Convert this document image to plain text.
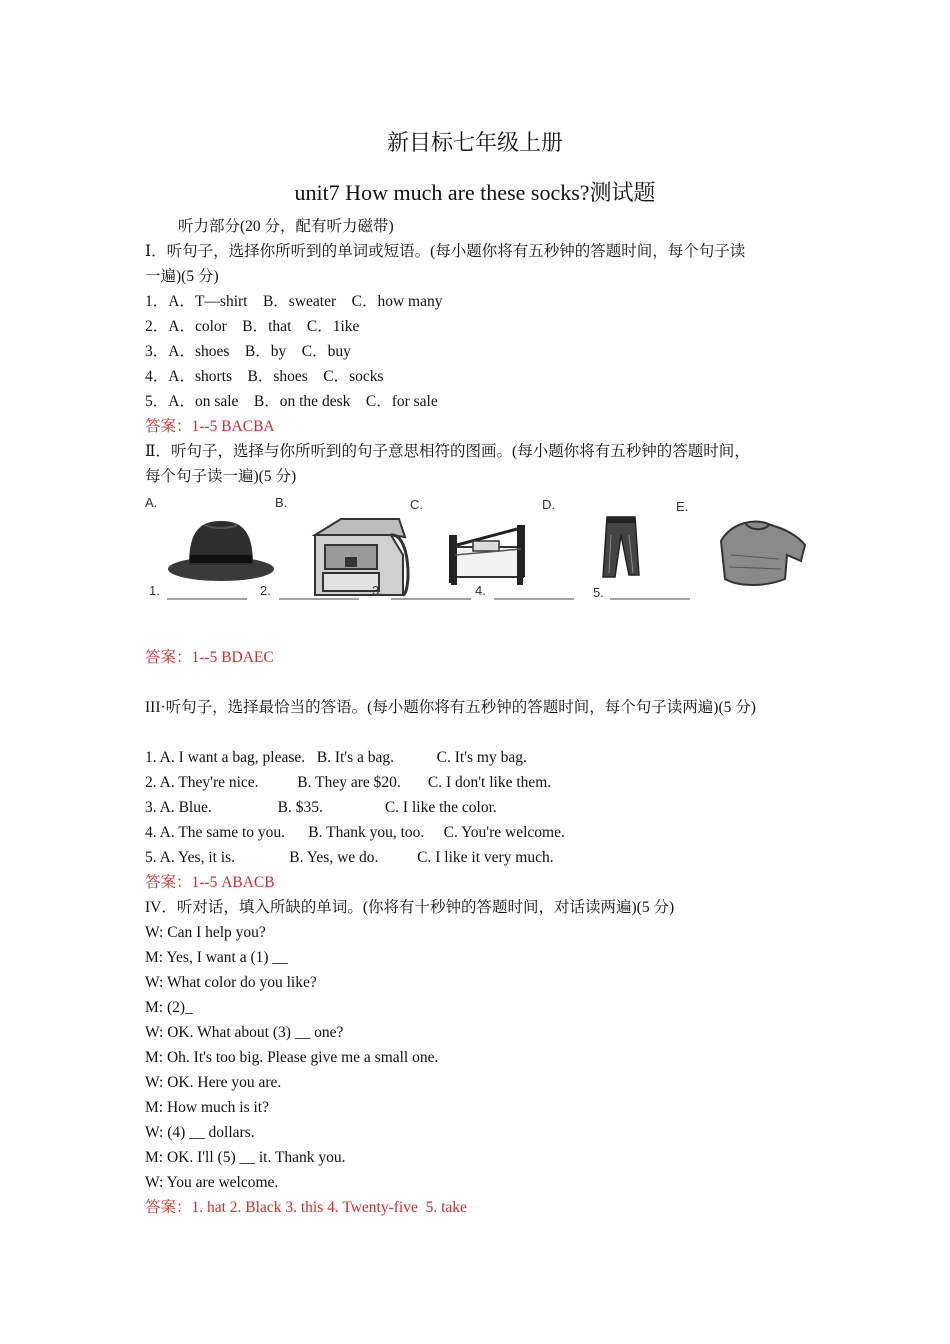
新目标七年级上册
unit7 How much are these socks?测试题
听力部分(20 分，配有听力磁带)
Ⅰ．听句子，选择你所听到的单词或短语。(每小题你将有五秒钟的答题时间，每个句子读
一遍)(5 分)
1．A．T—shirt    B．sweater    C．how many
2．A．color    B．that    C．1ike
3．A．shoes    B．by    C．buy
4．A．shorts    B．shoes    C．socks
5．A．on sale    B．on the desk    C．for sale
答案：1--5 BACBA
Ⅱ．听句子，选择与你所听到的句子意思相符的图画。(每小题你将有五秒钟的答题时间，
每个句子读一遍)(5 分)
A.	B.	C.	D.	E.
1.	2.	3.	4.	5.
答案：1--5 BDAEC
III·听句子，选择最恰当的答语。(每小题你将有五秒钟的答题时间，每个句子读两遍)(5 分)
1. A. I want a bag, please.   B. It's a bag.           C. It's my bag.
2. A. They're nice.          B. They are $20.       C. I don't like them.
3. A. Blue.                 B. $35.                C. I like the color.
4. A. The same to you.      B. Thank you, too.     C. You're welcome.
5. A. Yes, it is.              B. Yes, we do.          C. I like it very much.
答案：1--5 ABACB
IV．听对话，填入所缺的单词。(你将有十秒钟的答题时间，对话读两遍)(5 分)
W: Can I help you?
M: Yes, I want a (1) __
W: What color do you like?
M: (2)_
W: OK. What about (3) __ one?
M: Oh. It's too big. Please give me a small one.
W: OK. Here you are.
M: How much is it?
W: (4) __ dollars.
M: OK. I'll (5) __ it. Thank you.
W: You are welcome.
答案：1. hat 2. Black 3. this 4. Twenty-five  5. take
